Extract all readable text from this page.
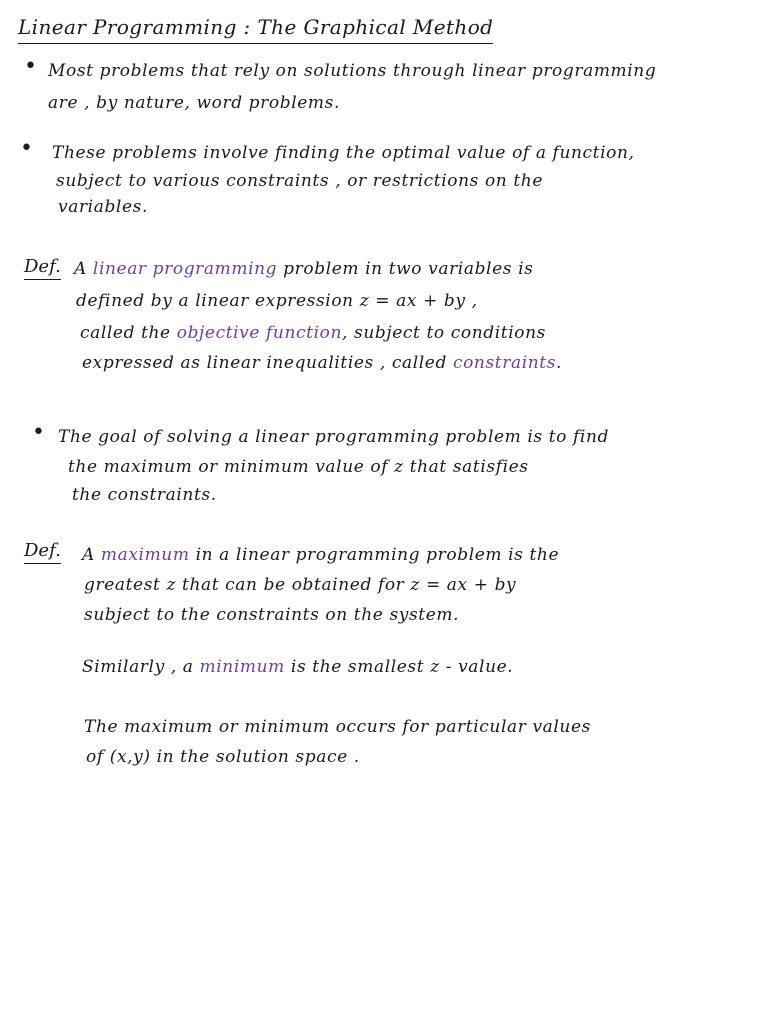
Linear Programming : The Graphical Method
• Most problems that rely on solutions through linear programming
are , by nature, word problems.
• These problems involve finding the optimal value of a function,
subject to various constraints , or restrictions on the
variables.
Def. A linear programming problem in two variables is
defined by a linear expression z = ax + by ,
called the objective function, subject to conditions
expressed as linear inequalities , called constraints.
• The goal of solving a linear programming problem is to find
the maximum or minimum value of z that satisfies
the constraints.
Def. A maximum in a linear programming problem is the
greatest z that can be obtained for z = ax + by
subject to the constraints on the system.
Similarly , a minimum is the smallest z - value.
The maximum or minimum occurs for particular values
of (x,y) in the solution space .
